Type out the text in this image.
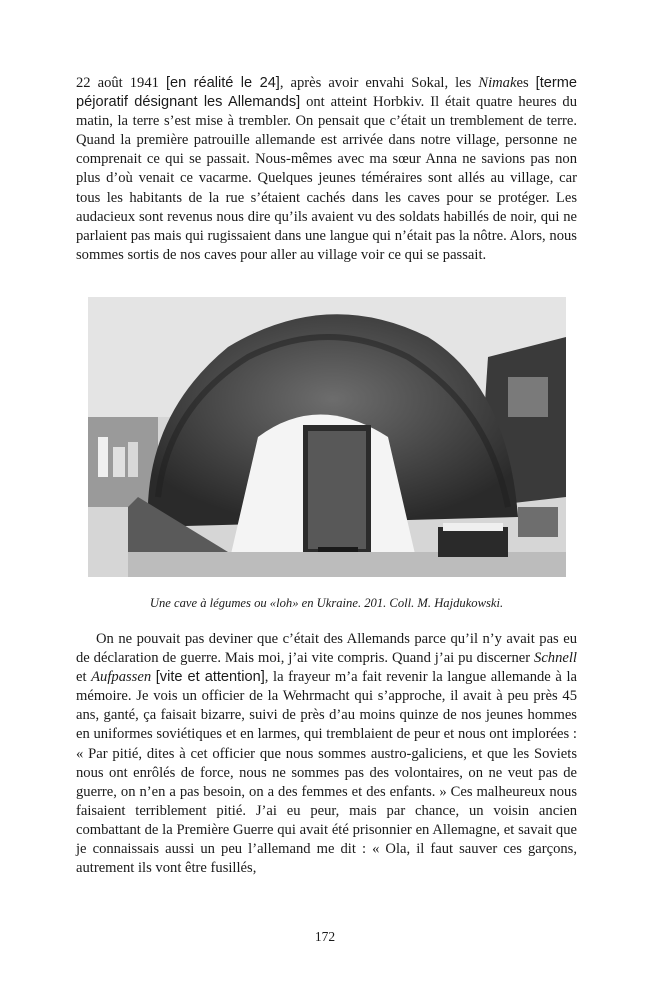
22 août 1941 [en réalité le 24], après avoir envahi Sokal, les Nimakes [terme péjoratif désignant les Allemands] ont atteint Horbkiv. Il était quatre heures du matin, la terre s’est mise à trembler. On pensait que c’était un tremblement de terre. Quand la première patrouille allemande est arrivée dans notre village, personne ne comprenait ce qui se passait. Nous-mêmes avec ma sœur Anna ne savions pas non plus d’où venait ce vacarme. Quelques jeunes téméraires sont allés au village, car tous les habitants de la rue s’étaient cachés dans les caves pour se protéger. Les audacieux sont revenus nous dire qu’ils avaient vu des soldats habillés de noir, qui ne parlaient pas mais qui rugissaient dans une langue qui n’était pas la nôtre. Alors, nous sommes sortis de nos caves pour aller au village voir ce qui se passait.

Une cave à légumes ou «loh» en Ukraine. 201. Coll. M. Hajdukowski.

On ne pouvait pas deviner que c’était des Allemands parce qu’il n’y avait pas eu de déclaration de guerre. Mais moi, j’ai vite compris. Quand j’ai pu discerner Schnell et Aufpassen [vite et attention], la frayeur m’a fait revenir la langue allemande à la mémoire. Je vois un officier de la Wehrmacht qui s’approche, il avait à peu près 45 ans, ganté, ça faisait bizarre, suivi de près d’au moins quinze de nos jeunes hommes en uniformes soviétiques et en larmes, qui tremblaient de peur et nous ont implorées : « Par pitié, dites à cet officier que nous sommes austro-galiciens, et que les Soviets nous ont enrôlés de force, nous ne sommes pas des volontaires, on ne veut pas de guerre, on n’en a pas besoin, on a des femmes et des enfants. » Ces malheureux nous faisaient terriblement pitié. J’ai eu peur, mais par chance, un voisin ancien combattant de la Première Guerre qui avait été prisonnier en Allemagne, et savait que je connaissais aussi un peu l’allemand me dit : « Ola, il faut sauver ces garçons, autrement ils vont être fusillés,

172
